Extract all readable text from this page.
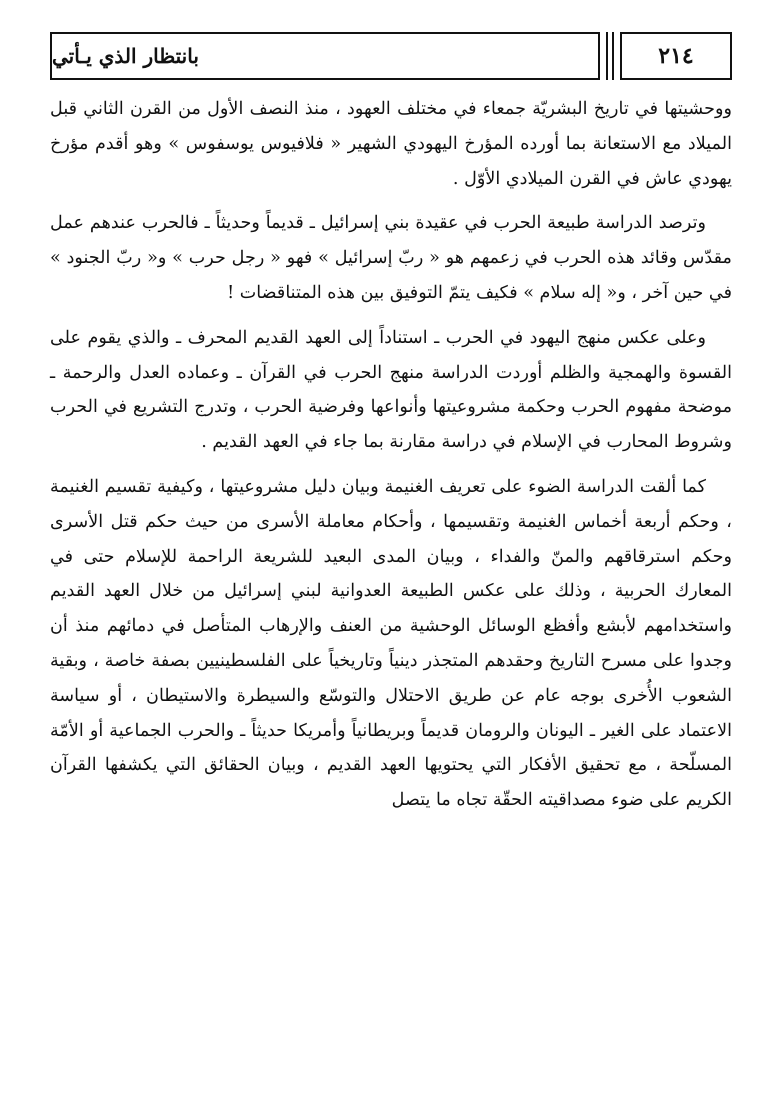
بانتظار الذي يـأتي	٢١٤

ووحشيتها في تاريخ البشريّة جمعاء في مختلف العهود ، منذ النصف الأول من القرن الثاني قبل الميلاد مع الاستعانة بما أورده المؤرخ اليهودي الشهير « فلافيوس يوسفوس » وهو أقدم مؤرخ يهودي عاش في القرن الميلادي الأوّل .

وترصد الدراسة طبيعة الحرب في عقيدة بني إسرائيل ـ قديماً وحديثاً ـ فالحرب عندهم عمل مقدّس وقائد هذه الحرب في زعمهم هو « ربّ إسرائيل » فهو « رجل حرب » و« ربّ الجنود » في حين آخر ، و« إله سلام » فكيف يتمّ التوفيق بين هذه المتناقضات !

وعلى عكس منهج اليهود في الحرب ـ استناداً إلى العهد القديم المحرف ـ والذي يقوم على القسوة والهمجية والظلم أوردت الدراسة منهج الحرب في القرآن ـ وعماده العدل والرحمة ـ موضحة مفهوم الحرب وحكمة مشروعيتها وأنواعها وفرضية الحرب ، وتدرج التشريع في الحرب وشروط المحارب في الإسلام في دراسة مقارنة بما جاء في العهد القديم .

كما ألقت الدراسة الضوء على تعريف الغنيمة وبيان دليل مشروعيتها ، وكيفية تقسيم الغنيمة ، وحكم أربعة أخماس الغنيمة وتقسيمها ، وأحكام معاملة الأسرى من حيث حكم قتل الأسرى وحكم استرقاقهم والمنّ والفداء ، وبيان المدى البعيد للشريعة الراحمة للإسلام حتى في المعارك الحربية ، وذلك على عكس الطبيعة العدوانية لبني إسرائيل من خلال العهد القديم واستخدامهم لأبشع وأفظع الوسائل الوحشية من العنف والإرهاب المتأصل في دمائهم منذ أن وجدوا على مسرح التاريخ وحقدهم المتجذر دينياً وتاريخياً على الفلسطينيين بصفة خاصة ، وبقية الشعوب الأُخرى بوجه عام عن طريق الاحتلال والتوسّع والسيطرة والاستيطان ، أو سياسة الاعتماد على الغير ـ اليونان والرومان قديماً وبريطانياً وأمريكا حديثاً ـ والحرب الجماعية أو الأمّة المسلّحة ، مع تحقيق الأفكار التي يحتويها العهد القديم ، وبيان الحقائق التي يكشفها القرآن الكريم على ضوء مصداقيته الحقّة تجاه ما يتصل
